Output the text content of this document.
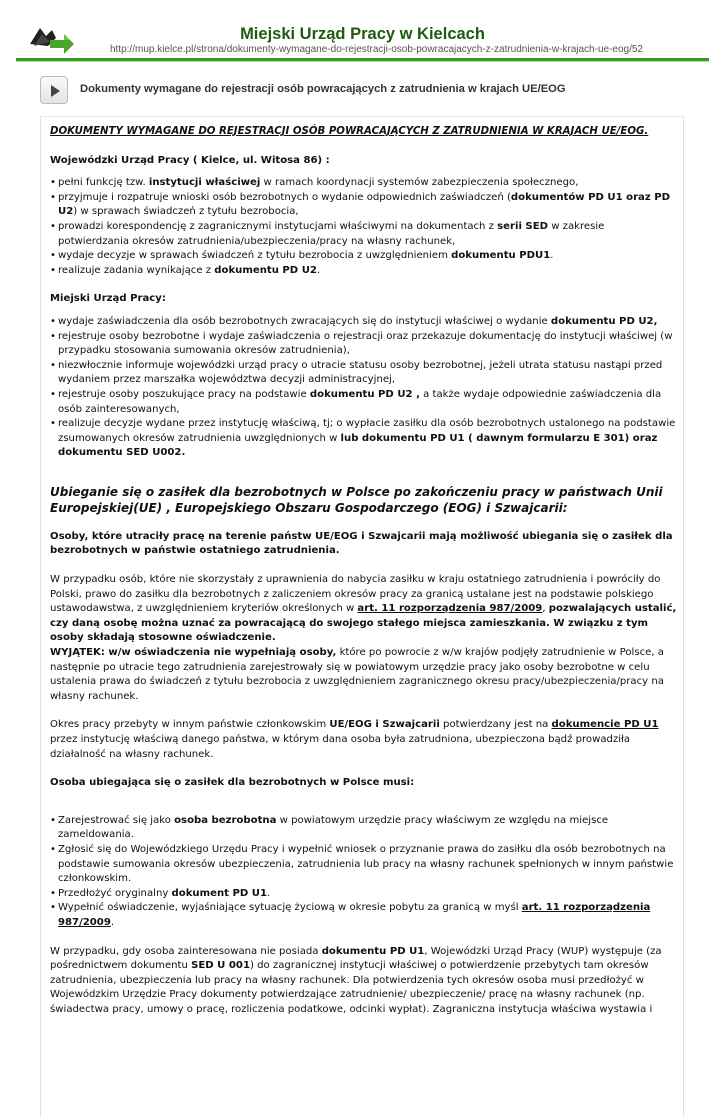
Miejski Urząd Pracy w Kielcach
http://mup.kielce.pl/strona/dokumenty-wymagane-do-rejestracji-osob-powracajacych-z-zatrudnienia-w-krajach-ue-eog/52
Dokumenty wymagane do rejestracji osób powracających z zatrudnienia w krajach UE/EOG

DOKUMENTY WYMAGANE DO REJESTRACJI OSÓB POWRACAJĄCYCH Z ZATRUDNIENIA W KRAJACH UE/EOG.

Wojewódzki Urząd Pracy ( Kielce, ul. Witosa 86) :

• pełni funkcję tzw. instytucji właściwej w ramach koordynacji systemów zabezpieczenia społecznego,
• przyjmuje i rozpatruje wnioski osób bezrobotnych o wydanie odpowiednich zaświadczeń (dokumentów PD U1 oraz PD U2) w sprawach świadczeń z tytułu bezrobocia,
• prowadzi korespondencję z zagranicznymi instytucjami właściwymi na dokumentach z serii SED w zakresie potwierdzania okresów zatrudnienia/ubezpieczenia/pracy na własny rachunek,
• wydaje decyzje w sprawach świadczeń z tytułu bezrobocia z uwzględnieniem dokumentu PDU1.
• realizuje zadania wynikające z dokumentu PD U2.

Miejski Urząd Pracy:

• wydaje zaświadczenia dla osób bezrobotnych zwracających się do instytucji właściwej o wydanie dokumentu PD U2,
• rejestruje osoby bezrobotne i wydaje zaświadczenia o rejestracji oraz przekazuje dokumentację do instytucji właściwej (w przypadku stosowania sumowania okresów zatrudnienia),
• niezwłocznie informuje wojewódzki urząd pracy o utracie statusu osoby bezrobotnej, jeżeli utrata statusu nastąpi przed wydaniem przez marszałka województwa decyzji administracyjnej,
• rejestruje osoby poszukujące pracy na podstawie dokumentu PD U2 , a także wydaje odpowiednie zaświadczenia dla osób zainteresowanych,
• realizuje decyzje wydane przez instytucję właściwą, tj; o wypłacie zasiłku dla osób bezrobotnych ustalonego na podstawie zsumowanych okresów zatrudnienia uwzględnionych w lub dokumentu PD U1 ( dawnym formularzu E 301) oraz dokumentu SED U002.

Ubieganie się o zasiłek dla bezrobotnych w Polsce po zakończeniu pracy w państwach Unii Europejskiej(UE) , Europejskiego Obszaru Gospodarczego (EOG) i Szwajcarii:

Osoby, które utraciły pracę na terenie państw UE/EOG i Szwajcarii mają możliwość ubiegania się o zasiłek dla bezrobotnych w państwie ostatniego zatrudnienia.

W przypadku osób, które nie skorzystały z uprawnienia do nabycia zasiłku w kraju ostatniego zatrudnienia i powróciły do Polski, prawo do zasiłku dla bezrobotnych z zaliczeniem okresów pracy za granicą ustalane jest na podstawie polskiego ustawodawstwa, z uwzględnieniem kryteriów określonych w art. 11 rozporządzenia 987/2009, pozwalających ustalić, czy daną osobę można uznać za powracającą do swojego stałego miejsca zamieszkania. W związku z tym osoby składają stosowne oświadczenie.
WYJĄTEK: w/w oświadczenia nie wypełniają osoby, które po powrocie z w/w krajów podjęły zatrudnienie w Polsce, a następnie po utracie tego zatrudnienia zarejestrowały się w powiatowym urzędzie pracy jako osoby bezrobotne w celu ustalenia prawa do świadczeń z tytułu bezrobocia z uwzględnieniem zagranicznego okresu pracy/ubezpieczenia/pracy na własny rachunek.

Okres pracy przebyty w innym państwie członkowskim UE/EOG i Szwajcarii potwierdzany jest na dokumencie PD U1 przez instytucję właściwą danego państwa, w którym dana osoba była zatrudniona, ubezpieczona bądź prowadziła działalność na własny rachunek.

Osoba ubiegająca się o zasiłek dla bezrobotnych w Polsce musi:

• Zarejestrować się jako osoba bezrobotna w powiatowym urzędzie pracy właściwym ze względu na miejsce zameldowania.
• Zgłosić się do Wojewódzkiego Urzędu Pracy i wypełnić wniosek o przyznanie prawa do zasiłku dla osób bezrobotnych na podstawie sumowania okresów ubezpieczenia, zatrudnienia lub pracy na własny rachunek spełnionych w innym państwie członkowskim.
• Przedłożyć oryginalny dokument PD U1.
• Wypełnić oświadczenie, wyjaśniające sytuację życiową w okresie pobytu za granicą w myśl art. 11 rozporządzenia 987/2009.

W przypadku, gdy osoba zainteresowana nie posiada dokumentu PD U1, Wojewódzki Urząd Pracy (WUP) występuje (za pośrednictwem dokumentu SED U 001) do zagranicznej instytucji właściwej o potwierdzenie przebytych tam okresów zatrudnienia, ubezpieczenia lub pracy na własny rachunek. Dla potwierdzenia tych okresów osoba musi przedłożyć w Wojewódzkim Urzędzie Pracy dokumenty potwierdzające zatrudnienie/ ubezpieczenie/ pracę na własny rachunek (np. świadectwa pracy, umowy o pracę, rozliczenia podatkowe, odcinki wypłat). Zagraniczna instytucja właściwa wystawia i
